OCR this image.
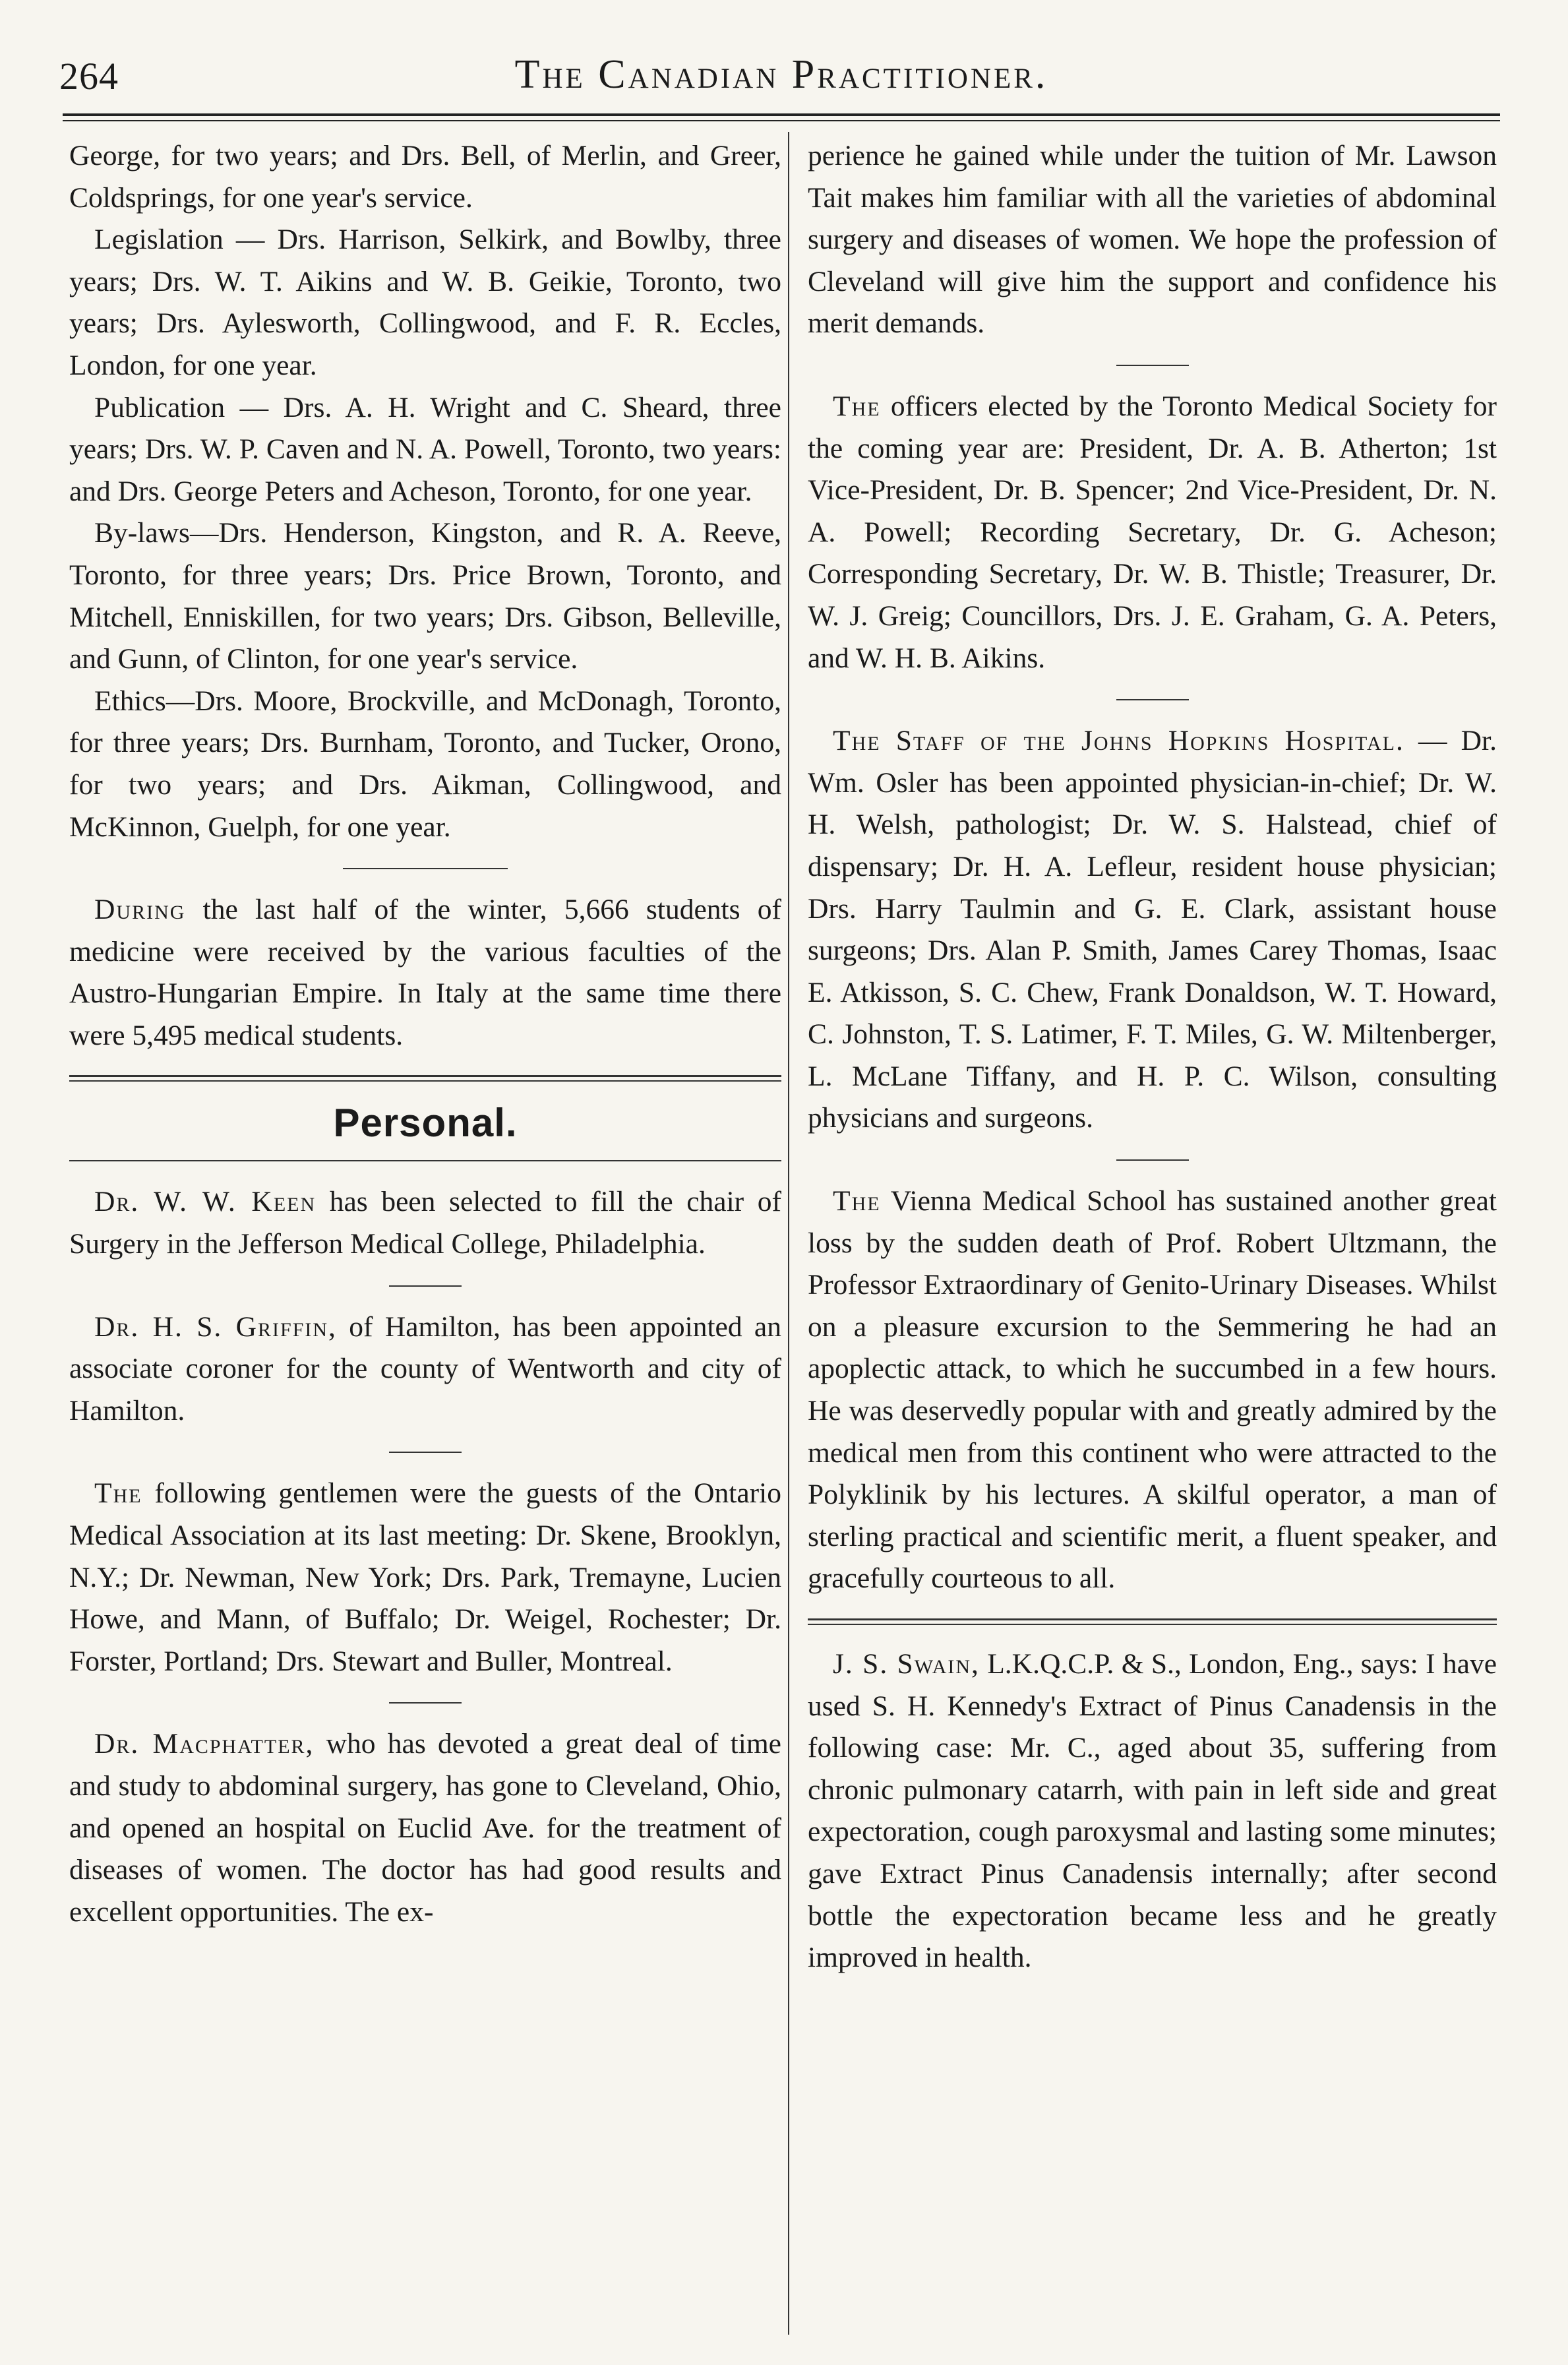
264	The Canadian Practitioner.

George, for two years; and Drs. Bell, of Merlin, and Greer, Coldsprings, for one year's service.

Legislation — Drs. Harrison, Selkirk, and Bowlby, three years; Drs. W. T. Aikins and W. B. Geikie, Toronto, two years; Drs. Aylesworth, Collingwood, and F. R. Eccles, London, for one year.

Publication — Drs. A. H. Wright and C. Sheard, three years; Drs. W. P. Caven and N. A. Powell, Toronto, two years: and Drs. George Peters and Acheson, Toronto, for one year.

By-laws—Drs. Henderson, Kingston, and R. A. Reeve, Toronto, for three years; Drs. Price Brown, Toronto, and Mitchell, Enniskillen, for two years; Drs. Gibson, Belleville, and Gunn, of Clinton, for one year's service.

Ethics—Drs. Moore, Brockville, and McDonagh, Toronto, for three years; Drs. Burnham, Toronto, and Tucker, Orono, for two years; and Drs. Aikman, Collingwood, and McKinnon, Guelph, for one year.

During the last half of the winter, 5,666 students of medicine were received by the various faculties of the Austro-Hungarian Empire. In Italy at the same time there were 5,495 medical students.

Personal.

Dr. W. W. Keen has been selected to fill the chair of Surgery in the Jefferson Medical College, Philadelphia.

Dr. H. S. Griffin, of Hamilton, has been appointed an associate coroner for the county of Wentworth and city of Hamilton.

The following gentlemen were the guests of the Ontario Medical Association at its last meeting: Dr. Skene, Brooklyn, N.Y.; Dr. Newman, New York; Drs. Park, Tremayne, Lucien Howe, and Mann, of Buffalo; Dr. Weigel, Rochester; Dr. Forster, Portland; Drs. Stewart and Buller, Montreal.

Dr. Macphatter, who has devoted a great deal of time and study to abdominal surgery, has gone to Cleveland, Ohio, and opened an hospital on Euclid Ave. for the treatment of diseases of women. The doctor has had good results and excellent opportunities. The ex-

perience he gained while under the tuition of Mr. Lawson Tait makes him familiar with all the varieties of abdominal surgery and diseases of women. We hope the profession of Cleveland will give him the support and confidence his merit demands.

The officers elected by the Toronto Medical Society for the coming year are: President, Dr. A. B. Atherton; 1st Vice-President, Dr. B. Spencer; 2nd Vice-President, Dr. N. A. Powell; Recording Secretary, Dr. G. Acheson; Corresponding Secretary, Dr. W. B. Thistle; Treasurer, Dr. W. J. Greig; Councillors, Drs. J. E. Graham, G. A. Peters, and W. H. B. Aikins.

The Staff of the Johns Hopkins Hospital. — Dr. Wm. Osler has been appointed physician-in-chief; Dr. W. H. Welsh, pathologist; Dr. W. S. Halstead, chief of dispensary; Dr. H. A. Lefleur, resident house physician; Drs. Harry Taulmin and G. E. Clark, assistant house surgeons; Drs. Alan P. Smith, James Carey Thomas, Isaac E. Atkisson, S. C. Chew, Frank Donaldson, W. T. Howard, C. Johnston, T. S. Latimer, F. T. Miles, G. W. Miltenberger, L. McLane Tiffany, and H. P. C. Wilson, consulting physicians and surgeons.

The Vienna Medical School has sustained another great loss by the sudden death of Prof. Robert Ultzmann, the Professor Extraordinary of Genito-Urinary Diseases. Whilst on a pleasure excursion to the Semmering he had an apoplectic attack, to which he succumbed in a few hours. He was deservedly popular with and greatly admired by the medical men from this continent who were attracted to the Polyklinik by his lectures. A skilful operator, a man of sterling practical and scientific merit, a fluent speaker, and gracefully courteous to all.

J. S. Swain, L.K.Q.C.P. & S., London, Eng., says: I have used S. H. Kennedy's Extract of Pinus Canadensis in the following case: Mr. C., aged about 35, suffering from chronic pulmonary catarrh, with pain in left side and great expectoration, cough paroxysmal and lasting some minutes; gave Extract Pinus Canadensis internally; after second bottle the expectoration became less and he greatly improved in health.
